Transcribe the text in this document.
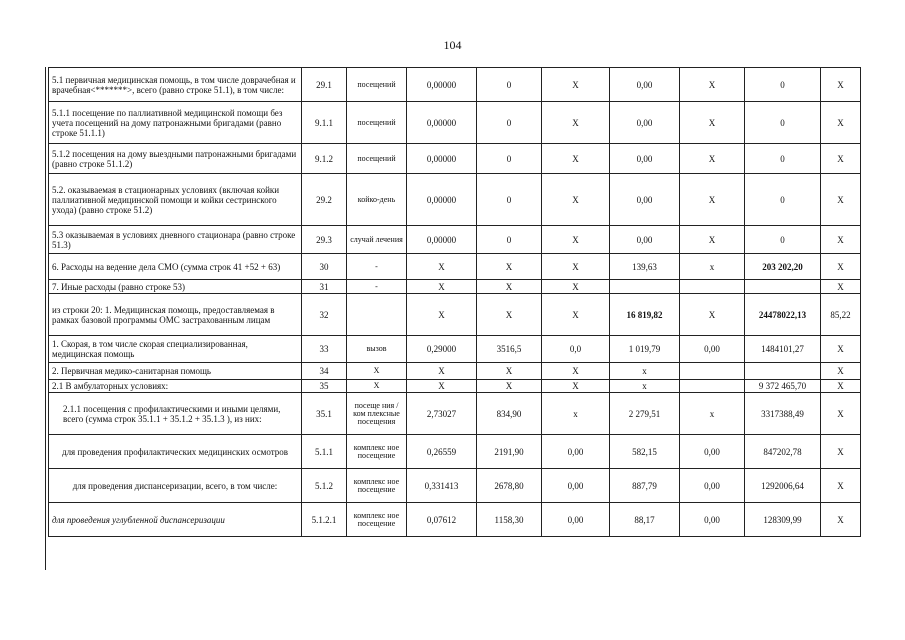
104
5.1 первичная медицинская помощь, в том числе доврачебная и врачебная<*******>, всего (равно строке 51.1), в том числе:	29.1	посещений	0,00000	0	Х	0,00	Х	0	Х	
5.1.1 посещение по паллиативной медицинской помощи без учета посещений на дому патронажными бригадами (равно строке 51.1.1)	9.1.1	посещений	0,00000	0	Х	0,00	Х	0	Х	
5.1.2 посещения на дому выездными патронажными бригадами (равно строке 51.1.2)	9.1.2	посещений	0,00000	0	Х	0,00	Х	0	Х	
5.2. оказываемая в стационарных условиях (включая койки паллиативной медицинской помощи и койки сестринского ухода) (равно строке 51.2)	29.2	койко-день	0,00000	0	Х	0,00	Х	0	Х	
5.3 оказываемая в условиях дневного стационара (равно строке 51.3)	29.3	случай лечения	0,00000	0	Х	0,00	Х	0	Х	
6. Расходы на ведение дела СМО (сумма строк 41 +52 + 63)	30	-	Х	Х	Х	139,63	х	203 202,20	Х	
7. Иные расходы (равно строке 53)	31	-	Х	Х	Х				Х	
из строки 20: 1. Медицинская помощь, предоставляемая в рамках базовой программы ОМС застрахованным лицам	32		Х	Х	Х	16 819,82	Х	24478022,13	85,22	
1. Скорая, в том числе скорая специализированная, медицинская помощь	33	вызов	0,29000	3516,5	0,0	1 019,79	0,00	1484101,27	Х	
2. Первичная медико-санитарная помощь	34	Х	Х	Х	Х	х			Х	
2.1 В амбулаторных условиях:	35	Х	Х	Х	Х	х		9 372 465,70	Х	
2.1.1 посещения с профилактическими и иными целями, всего (сумма строк 35.1.1 + 35.1.2 + 35.1.3 ), из них:	35.1	посеще ния / ком плексные посещения	2,73027	834,90	х	2 279,51	х	3317388,49	Х	
для проведения профилактических медицинских осмотров	5.1.1	комплекс ное посещение	0,26559	2191,90	0,00	582,15	0,00	847202,78	Х	
для проведения диспансеризации, всего, в том числе:	5.1.2	комплекс ное посещение	0,331413	2678,80	0,00	887,79	0,00	1292006,64	Х	
для проведения углубленной диспансеризации	5.1.2.1	комплекс ное посещение	0,07612	1158,30	0,00	88,17	0,00	128309,99	Х	
